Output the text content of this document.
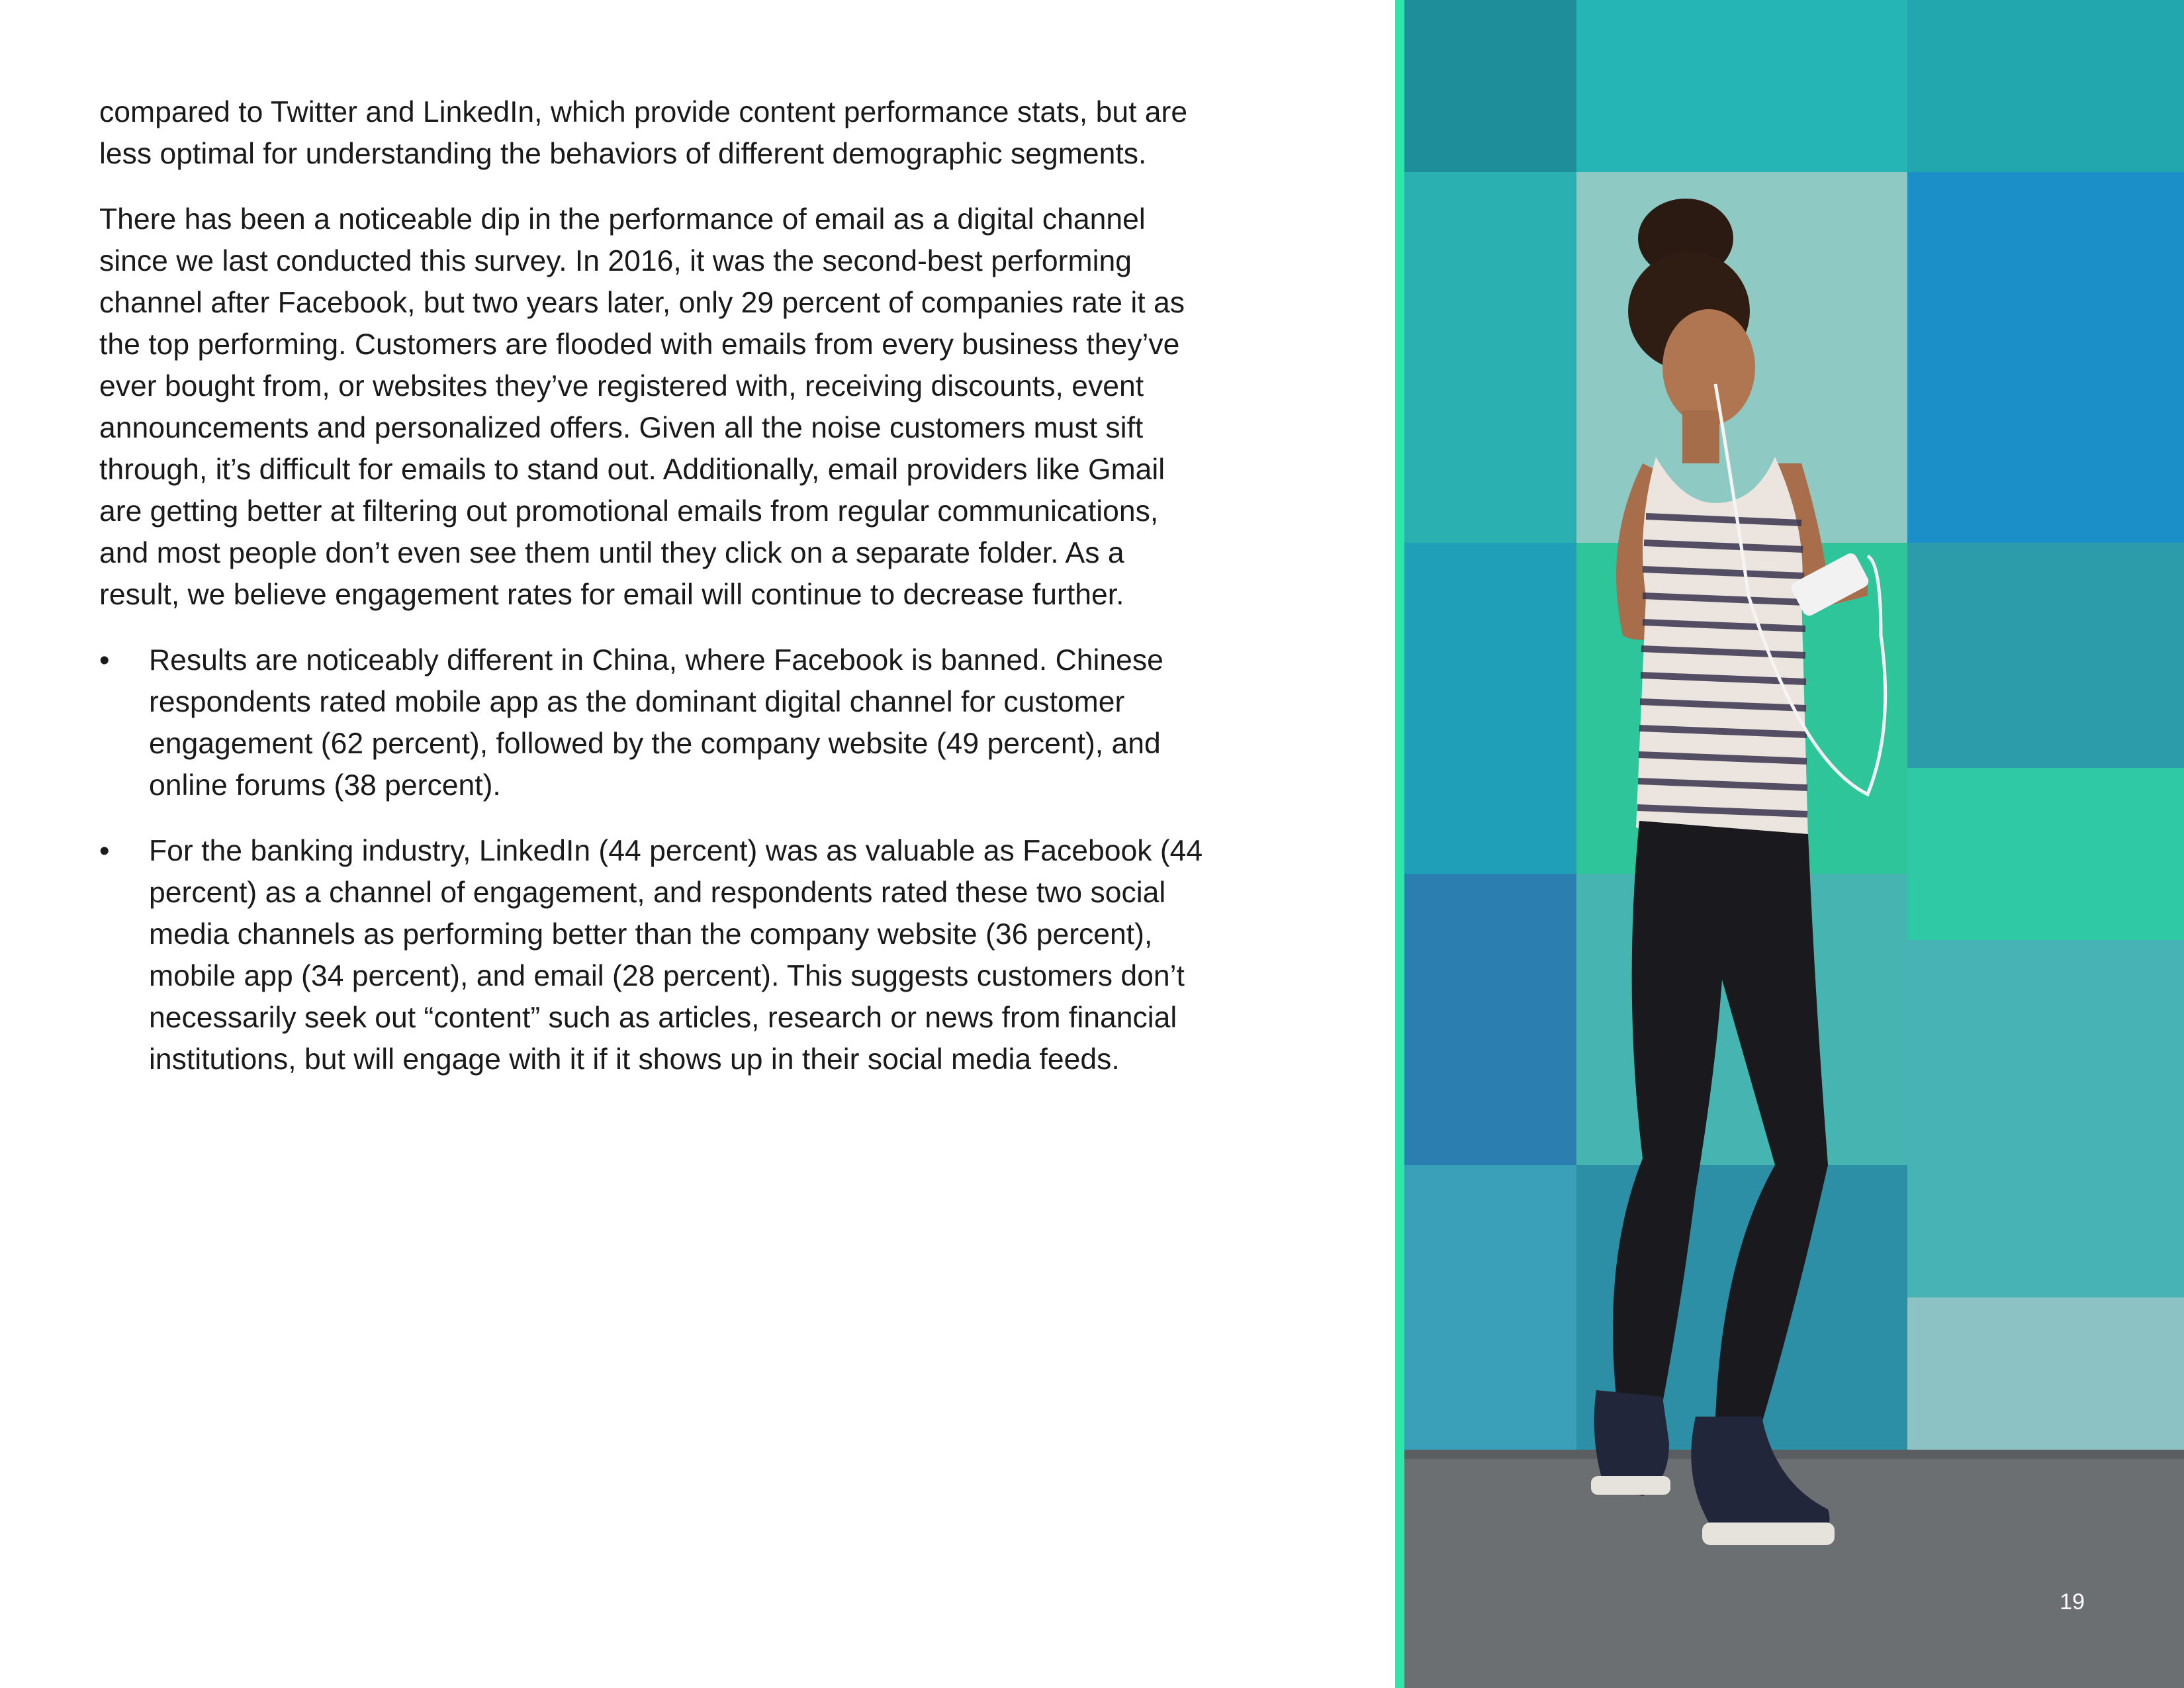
compared to Twitter and LinkedIn, which provide content performance stats, but are less optimal for understanding the behaviors of different demographic segments.

There has been a noticeable dip in the performance of email as a digital channel since we last conducted this survey. In 2016, it was the second-best performing channel after Facebook, but two years later, only 29 percent of companies rate it as the top performing. Customers are flooded with emails from every business they’ve ever bought from, or websites they’ve registered with, receiving discounts, event announcements and personalized offers. Given all the noise customers must sift through, it’s difficult for emails to stand out. Additionally, email providers like Gmail are getting better at filtering out promotional emails from regular communications, and most people don’t even see them until they click on a separate folder. As a result, we believe engagement rates for email will continue to decrease further.

• Results are noticeably different in China, where Facebook is banned. Chinese respondents rated mobile app as the dominant digital channel for customer engagement (62 percent), followed by the company website (49 percent), and online forums (38 percent).
• For the banking industry, LinkedIn (44 percent) was as valuable as Facebook (44 percent) as a channel of engagement, and respondents rated these two social media channels as performing better than the company website (36 percent), mobile app (34 percent), and email (28 percent). This suggests customers don’t necessarily seek out “content” such as articles, research or news from financial institutions, but will engage with it if it shows up in their social media feeds.
19
